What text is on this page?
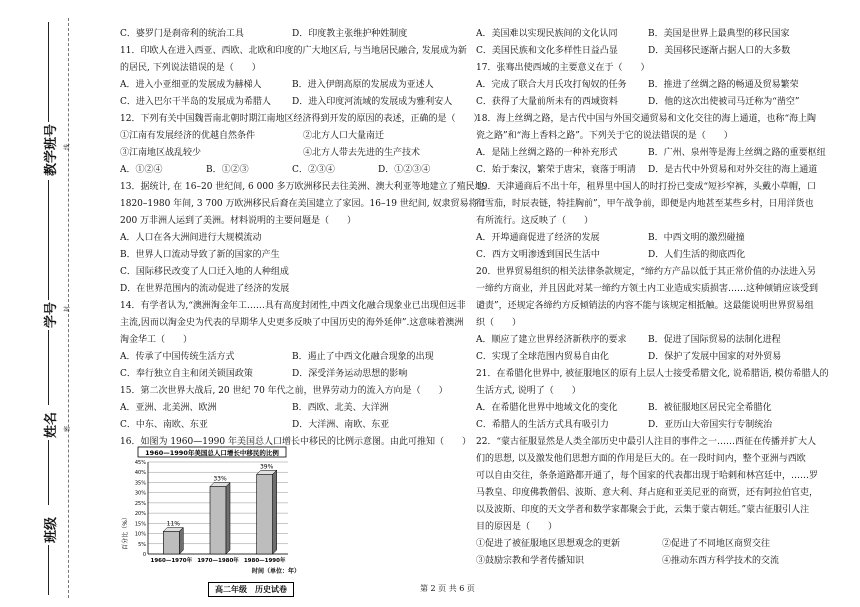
教学班号
学号
姓名
班级
线
封
密
C．婆罗门是刹帝利的统治工具	D．印度教主张维护种姓制度
11．印欧人在进入西亚、西欧、北欧和印度的广大地区后, 与当地居民融合, 发展成为新
的居民, 下列说法错误的是（　　）
A．进入小亚细亚的发展成为赫梯人	B．进入伊朗高原的发展成为亚述人
C．进入巴尔干半岛的发展成为希腊人 D．进入印度河流域的发展成为雅利安人
12．下列有关中国魏晋南北朝时期江南地区经济得到开发的原因的表述，正确的是（　　）
①江南有发展经济的优越自然条件	②北方人口大量南迁
③江南地区战乱较少	④北方人带去先进的生产技术
A．①②④	B．①②③	C．②③④	D．①②③④
13．据统计, 在 16–20 世纪间, 6 000 多万欧洲移民去往美洲、澳大利亚等地建立了殖民地。
1820–1980 年间, 3 700 万欧洲移民后裔在美国建立了家园。16–19 世纪间, 奴隶贸易将 1
200 万非洲人运到了美洲。材料说明的主要问题是（　　）
A．人口在各大洲间进行大规模流动
B．世界人口流动导致了新的国家的产生
C．国际移民改变了人口迁入地的人种组成
D．在世界范围内的流动促进了经济的发展
14．有学者认为,“澳洲淘金年工……具有高度封闭性,中西文化融合现象业已出现但远非
主流,因而以淘金史为代表的早期华人史更多反映了中国历史的海外延伸”.这意味着澳洲
淘金华工（　　）
A．传承了中国传统生活方式	B．遏止了中西文化融合现象的出现
C．奉行独立自主和闭关锁国政策	D．深受洋务运动思想的影响
15．第二次世界大战后, 20 世纪 70 年代之前，世界劳动力的流入方向是（　　）
A．亚洲、北美洲、欧洲	B．西欧、北美、大洋洲
C．中东、南欧、东亚	D．大洋洲、南欧、东亚
16．如图为 1960—1990 年美国总人口增长中移民的比例示意图。由此可推知（　　）
1960—1990年美国总人口增长中移民的比例
百分比（%）
0
5%
10%
15%
20%
25%
30%
35%
40%
45%
11%
33%
39%
1960—1970年 1970—1980年 1980—1990年
时间（单位：年）
高二年级　历史试卷	第 2 页 共 6 页
A．美国难以实现民族间的文化认同	B．美国是世界上最典型的移民国家
C．美国民族和文化多样性日益凸显	D．美国移民逐渐占据人口的大多数
17．张骞出使西域的主要意义在于（　　）
A．完成了联合大月氏攻打匈奴的任务 B．推进了丝绸之路的畅通及贸易繁荣
C．获得了大量前所未有的西域资料	D．他的这次出使被司马迁称为“凿空”
18．海上丝绸之路，是古代中国与外国交通贸易和文化交往的海上通道，也称“海上陶
瓷之路”和“海上香料之路”。下列关于它的说法错误的是（　　）
A．是陆上丝绸之路的一种补充形式	B．广州、泉州等是海上丝绸之路的重要枢纽
C．始于秦汉，繁荣于唐宋，衰落于明清 D．是古代中外贸易和对外交往的海上通道
19．天津通商后不出十年，租界里中国人的时打扮已变成“短衫窄裤，头戴小草帽，口
衔雪茄，时辰表链，特挂胸前”，甲午战争前，即便是内地甚至某些乡村，日用洋货也
有所流行。这反映了（　　）
A．开埠通商促进了经济的发展	B．中西文明的激烈碰撞
C．西方文明渗透到国民生活中	D．人们生活的彻底西化
20．世界贸易组织的相关法律条款规定，“缔约方产品以低于其正常价值的办法进入另
一缔约方商业，并且因此对某一缔约方领土内工业造成实质损害……这种倾销应该受到
谴责”，还规定各缔约方反倾销法的内容不能与该规定相抵触。这最能说明世界贸易组
织（　　）
A．顺应了建立世界经济新秩序的要求 B．促进了国际贸易的法制化进程
C．实现了全球范围内贸易自由化	D．保护了发展中国家的对外贸易
21．在希腊化世界中, 被征服地区的原有上层人士接受希腊文化, 说希腊语, 模仿希腊人的
生活方式, 说明了（　　）
A．在希腊化世界中地域文化的变化	B．被征服地区居民完全希腊化
C．希腊人的生活方式具有吸引力	D．亚历山大帝国实行专制统治
22．“蒙古征服显然是人类全部历史中最引人注目的事件之一……西征在传播并扩大人
们的思想, 以及激发他们思想方面的作用是巨大的。在一段时间内，整个亚洲与西欧
可以自由交往，条条道路都开通了，每个国家的代表都出现于哈剌和林宫廷中，……罗
马教皇、印度佛教僧侣、波斯、意大利、拜占庭和亚美尼亚的商贾，还有阿拉伯官吏，
以及波斯、印度的天文学者和数学家都聚会于此，云集于蒙古朝廷。”蒙古征服引人注
目的原因是（　　）
①促进了被征服地区思想观念的更新	②促进了不同地区商贸交往
③鼓励宗教和学者传播知识	④推动东西方科学技术的交流
